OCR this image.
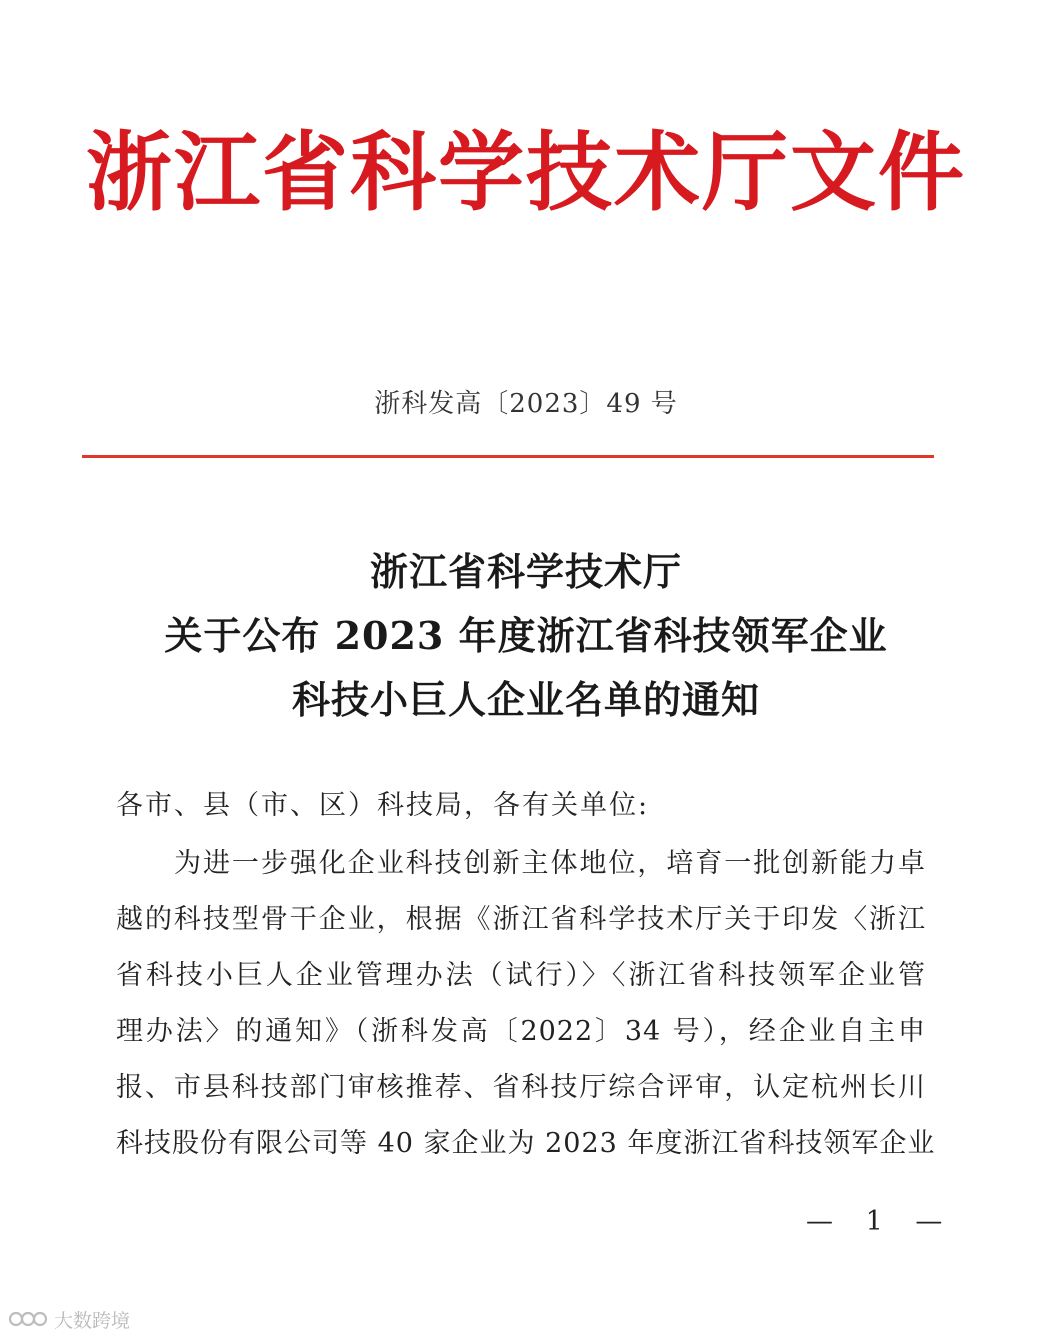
浙江省科学技术厅文件
浙科发高〔2023〕49 号
浙江省科学技术厅
关于公布 2023 年度浙江省科技领军企业
科技小巨人企业名单的通知
各市、县（市、区）科技局，各有关单位:
为进一步强化企业科技创新主体地位，培育一批创新能力卓
越的科技型骨干企业，根据《浙江省科学技术厅关于印发〈浙江
省科技小巨人企业管理办法（试行）〉〈浙江省科技领军企业管
理办法〉的通知》（浙科发高〔2022〕34 号），经企业自主申
报、市县科技部门审核推荐、省科技厅综合评审，认定杭州长川
科技股份有限公司等 40 家企业为 2023 年度浙江省科技领军企业
— 1 —
大数跨境
